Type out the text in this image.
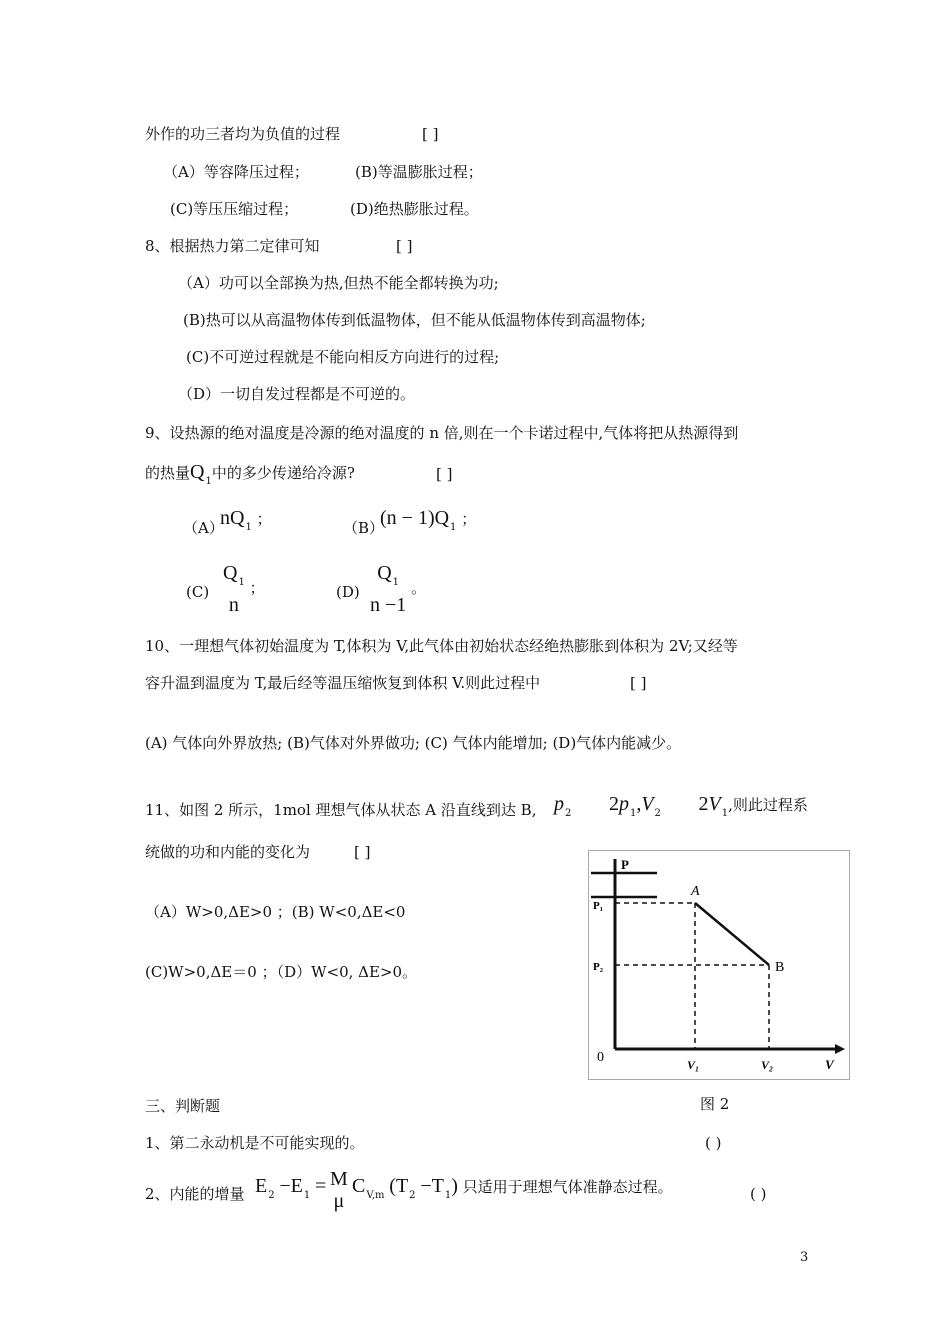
外作的功三者均为负值的过程	[ ]
（A）等容降压过程；	(B)等温膨胀过程；
(C)等压压缩过程；	(D)绝热膨胀过程。
8、根据热力第二定律可知	[ ]
（A）功可以全部换为热,但热不能全都转换为功;
(B)热可以从高温物体传到低温物体，但不能从低温物体传到高温物体;
(C)不可逆过程就是不能向相反方向进行的过程;
（D）一切自发过程都是不可逆的。
9、设热源的绝对温度是冷源的绝对温度的 n 倍,则在一个卡诺过程中,气体将把从热源得到
的热量$Q_1$中的多少传递给冷源?	[ ]
（A）
$nQ_1$ ；	（B）
$(n - 1)Q_1$ ；
(C)
$Q_1$
n
；	(D)
$Q_1$
n −1
。
10、一理想气体初始温度为 T,体积为 V,此气体由初始状态经绝热膨胀到体积为 2V;又经等
容升温到温度为 T,最后经等温压缩恢复到体积 V.则此过程中	[ ]
(A) 气体向外界放热; (B)气体对外界做功; (C) 气体内能增加; (D)气体内能减少。
11、如图 2 所示，1mol 理想气体从状态 A 沿直线到达 B, $p_2$ $2p_1,V_2$ $2V_1$,则此过程系
统做的功和内能的变化为	[ ]
（A）W>0,ΔE>0 ；(B) W<0,ΔE<0
(C)W>0,ΔE＝0 ；（D）W<0, ΔE>0。
P
V
0
P₁
P₂
V₁	V₂
A
B
图 2
三、判断题
1、第二永动机是不可能实现的。	( )
2、内能的增量 $E_2 -E_1 = M$
μ
$C_{V,m}$ $(T_2 -T_1)$ 只适用于理想气体准静态过程。	( )
3
